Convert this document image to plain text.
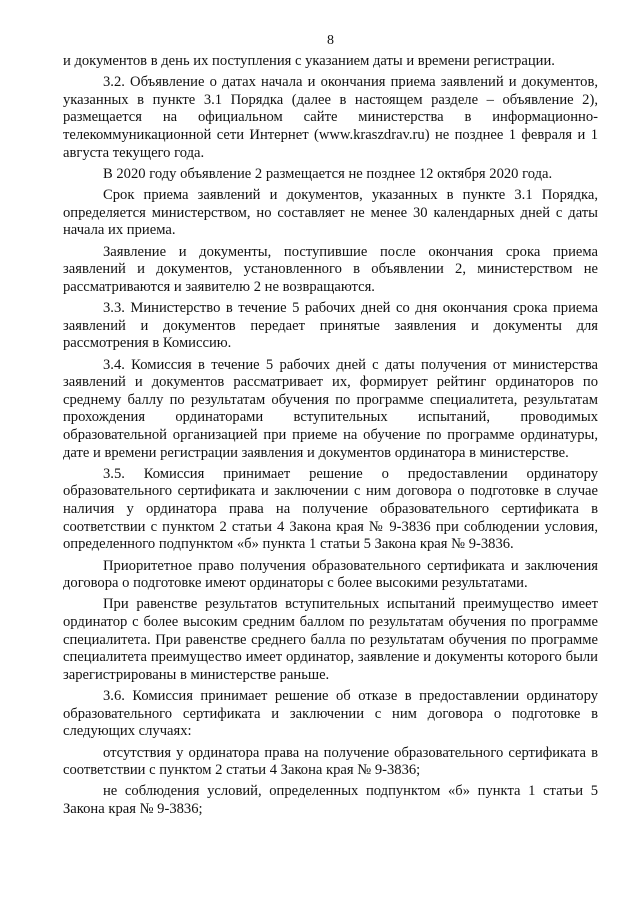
8
и документов в день их поступления с указанием даты и времени регистрации.
3.2. Объявление о датах начала и окончания приема заявлений и документов, указанных в пункте 3.1 Порядка (далее в настоящем разделе – объявление 2), размещается на официальном сайте министерства в информационно-телекоммуникационной сети Интернет (www.kraszdrav.ru) не позднее 1 февраля и 1 августа текущего года.
В 2020 году объявление 2 размещается не позднее 12 октября 2020 года.
Срок приема заявлений и документов, указанных в пункте 3.1 Порядка, определяется министерством, но составляет не менее 30 календарных дней с даты начала их приема.
Заявление и документы, поступившие после окончания срока приема заявлений и документов, установленного в объявлении 2, министерством не рассматриваются и заявителю 2 не возвращаются.
3.3. Министерство в течение 5 рабочих дней со дня окончания срока приема заявлений и документов передает принятые заявления и документы для рассмотрения в Комиссию.
3.4. Комиссия в течение 5 рабочих дней с даты получения от министерства заявлений и документов рассматривает их, формирует рейтинг ординаторов по среднему баллу по результатам обучения по программе специалитета, результатам прохождения ординаторами вступительных испытаний, проводимых образовательной организацией при приеме на обучение по программе ординатуры, дате и времени регистрации заявления и документов ординатора в министерстве.
3.5. Комиссия принимает решение о предоставлении ординатору образовательного сертификата и заключении с ним договора о подготовке в случае наличия у ординатора права на получение образовательного сертификата в соответствии с пунктом 2 статьи 4 Закона края № 9-3836 при соблюдении условия, определенного подпунктом «б» пункта 1 статьи 5 Закона края № 9-3836.
Приоритетное право получения образовательного сертификата и заключения договора о подготовке имеют ординаторы с более высокими результатами.
При равенстве результатов вступительных испытаний преимущество имеет ординатор с более высоким средним баллом по результатам обучения по программе специалитета. При равенстве среднего балла по результатам обучения по программе специалитета преимущество имеет ординатор, заявление и документы которого были зарегистрированы в министерстве раньше.
3.6. Комиссия принимает решение об отказе в предоставлении ординатору образовательного сертификата и заключении с ним договора о подготовке в следующих случаях:
отсутствия у ординатора права на получение образовательного сертификата в соответствии с пунктом 2 статьи 4 Закона края № 9-3836;
не соблюдения условий, определенных подпунктом «б» пункта 1 статьи 5 Закона края № 9-3836;
